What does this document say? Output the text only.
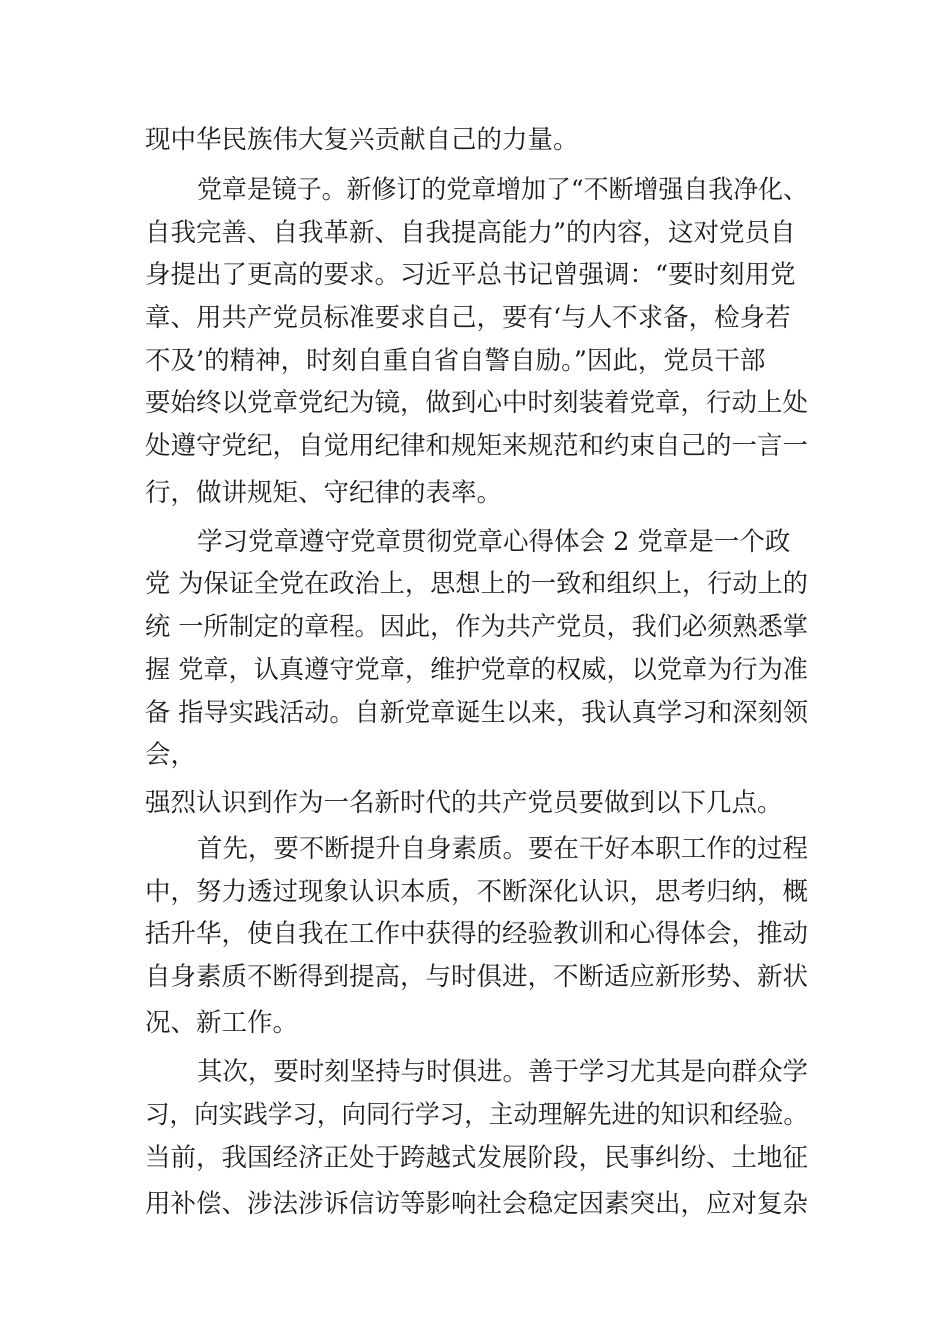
现中华民族伟大复兴贡献自己的力量。
党章是镜子。新修订的党章增加了“不断增强自我净化、
自我完善、自我革新、自我提高能力”的内容，这对党员自
身提出了更高的要求。习近平总书记曾强调：“要时刻用党
章、用共产党员标准要求自己，要有‘与人不求备，检身若
不及’的精神，时刻自重自省自警自励。”因此，党员干部
要始终以党章党纪为镜，做到心中时刻装着党章，行动上处
处遵守党纪，自觉用纪律和规矩来规范和约束自己的一言一
行，做讲规矩、守纪律的表率。
学习党章遵守党章贯彻党章心得体会 2 党章是一个政
党 为保证全党在政治上，思想上的一致和组织上，行动上的
统 一所制定的章程。因此，作为共产党员，我们必须熟悉掌
握 党章，认真遵守党章，维护党章的权威，以党章为行为准
备 指导实践活动。自新党章诞生以来，我认真学习和深刻领
会，
强烈认识到作为一名新时代的共产党员要做到以下几点。
首先，要不断提升自身素质。要在干好本职工作的过程
中，努力透过现象认识本质，不断深化认识，思考归纳，概
括升华，使自我在工作中获得的经验教训和心得体会，推动
自身素质不断得到提高，与时俱进，不断适应新形势、新状
况、新工作。
其次，要时刻坚持与时俱进。善于学习尤其是向群众学
习，向实践学习，向同行学习，主动理解先进的知识和经验。
当前，我国经济正处于跨越式发展阶段，民事纠纷、土地征
用补偿、涉法涉诉信访等影响社会稳定因素突出，应对复杂
